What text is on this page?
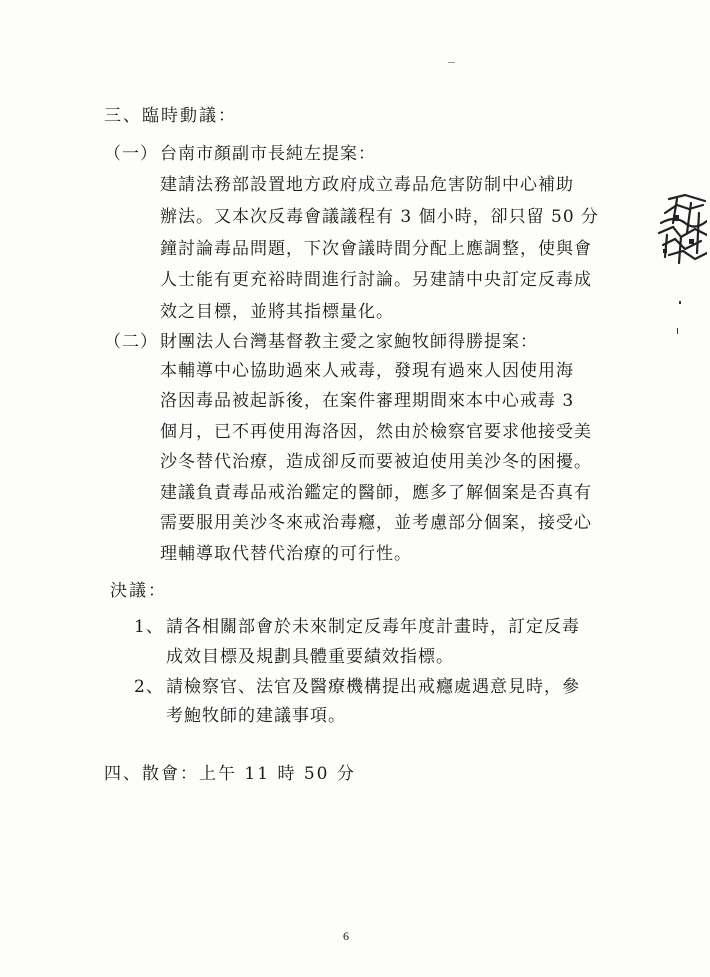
三、臨時動議：
（一） 台南市顏副市長純左提案：
建請法務部設置地方政府成立毒品危害防制中心補助
辦法。又本次反毒會議議程有 3 個小時，卻只留 50 分
鐘討論毒品問題，下次會議時間分配上應調整，使與會
人士能有更充裕時間進行討論。另建請中央訂定反毒成
效之目標，並將其指標量化。
（二） 財團法人台灣基督教主愛之家鮑牧師得勝提案：
本輔導中心協助過來人戒毒，發現有過來人因使用海
洛因毒品被起訴後，在案件審理期間來本中心戒毒 3
個月，已不再使用海洛因，然由於檢察官要求他接受美
沙冬替代治療，造成卻反而要被迫使用美沙冬的困擾。
建議負責毒品戒治鑑定的醫師，應多了解個案是否真有
需要服用美沙冬來戒治毒癮，並考慮部分個案，接受心
理輔導取代替代治療的可行性。
決議：
1、 請各相關部會於未來制定反毒年度計畫時，訂定反毒
成效目標及規劃具體重要績效指標。
2、 請檢察官、法官及醫療機構提出戒癮處遇意見時，參
考鮑牧師的建議事項。
四、散會：上午 11 時 50 分
6
